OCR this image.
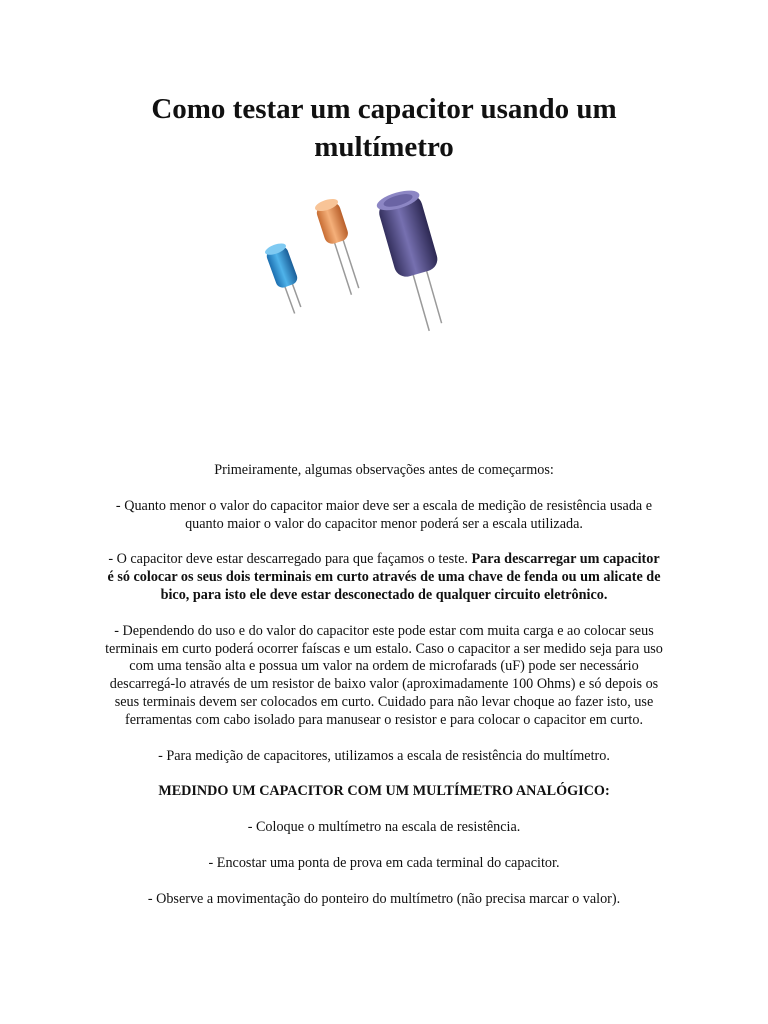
Como testar um capacitor usando um multímetro

Primeiramente, algumas observações antes de começarmos:

- Quanto menor o valor do capacitor maior deve ser a escala de medição de resistência usada e quanto maior o valor do capacitor menor poderá ser a escala utilizada.

- O capacitor deve estar descarregado para que façamos o teste. Para descarregar um capacitor é só colocar os seus dois terminais em curto através de uma chave de fenda ou um alicate de bico, para isto ele deve estar desconectado de qualquer circuito eletrônico.

- Dependendo do uso e do valor do capacitor este pode estar com muita carga e ao colocar seus terminais em curto poderá ocorrer faíscas e um estalo. Caso o capacitor a ser medido seja para uso com uma tensão alta e possua um valor na ordem de microfarads (uF) pode ser necessário descarregá-lo através de um resistor de baixo valor (aproximadamente 100 Ohms) e só depois os seus terminais devem ser colocados em curto. Cuidado para não levar choque ao fazer isto, use ferramentas com cabo isolado para manusear o resistor e para colocar o capacitor em curto.

- Para medição de capacitores, utilizamos a escala de resistência do multímetro.

MEDINDO UM CAPACITOR COM UM MULTÍMETRO ANALÓGICO:

- Coloque o multímetro na escala de resistência.

- Encostar uma ponta de prova em cada terminal do capacitor.

- Observe a movimentação do ponteiro do multímetro (não precisa marcar o valor).
